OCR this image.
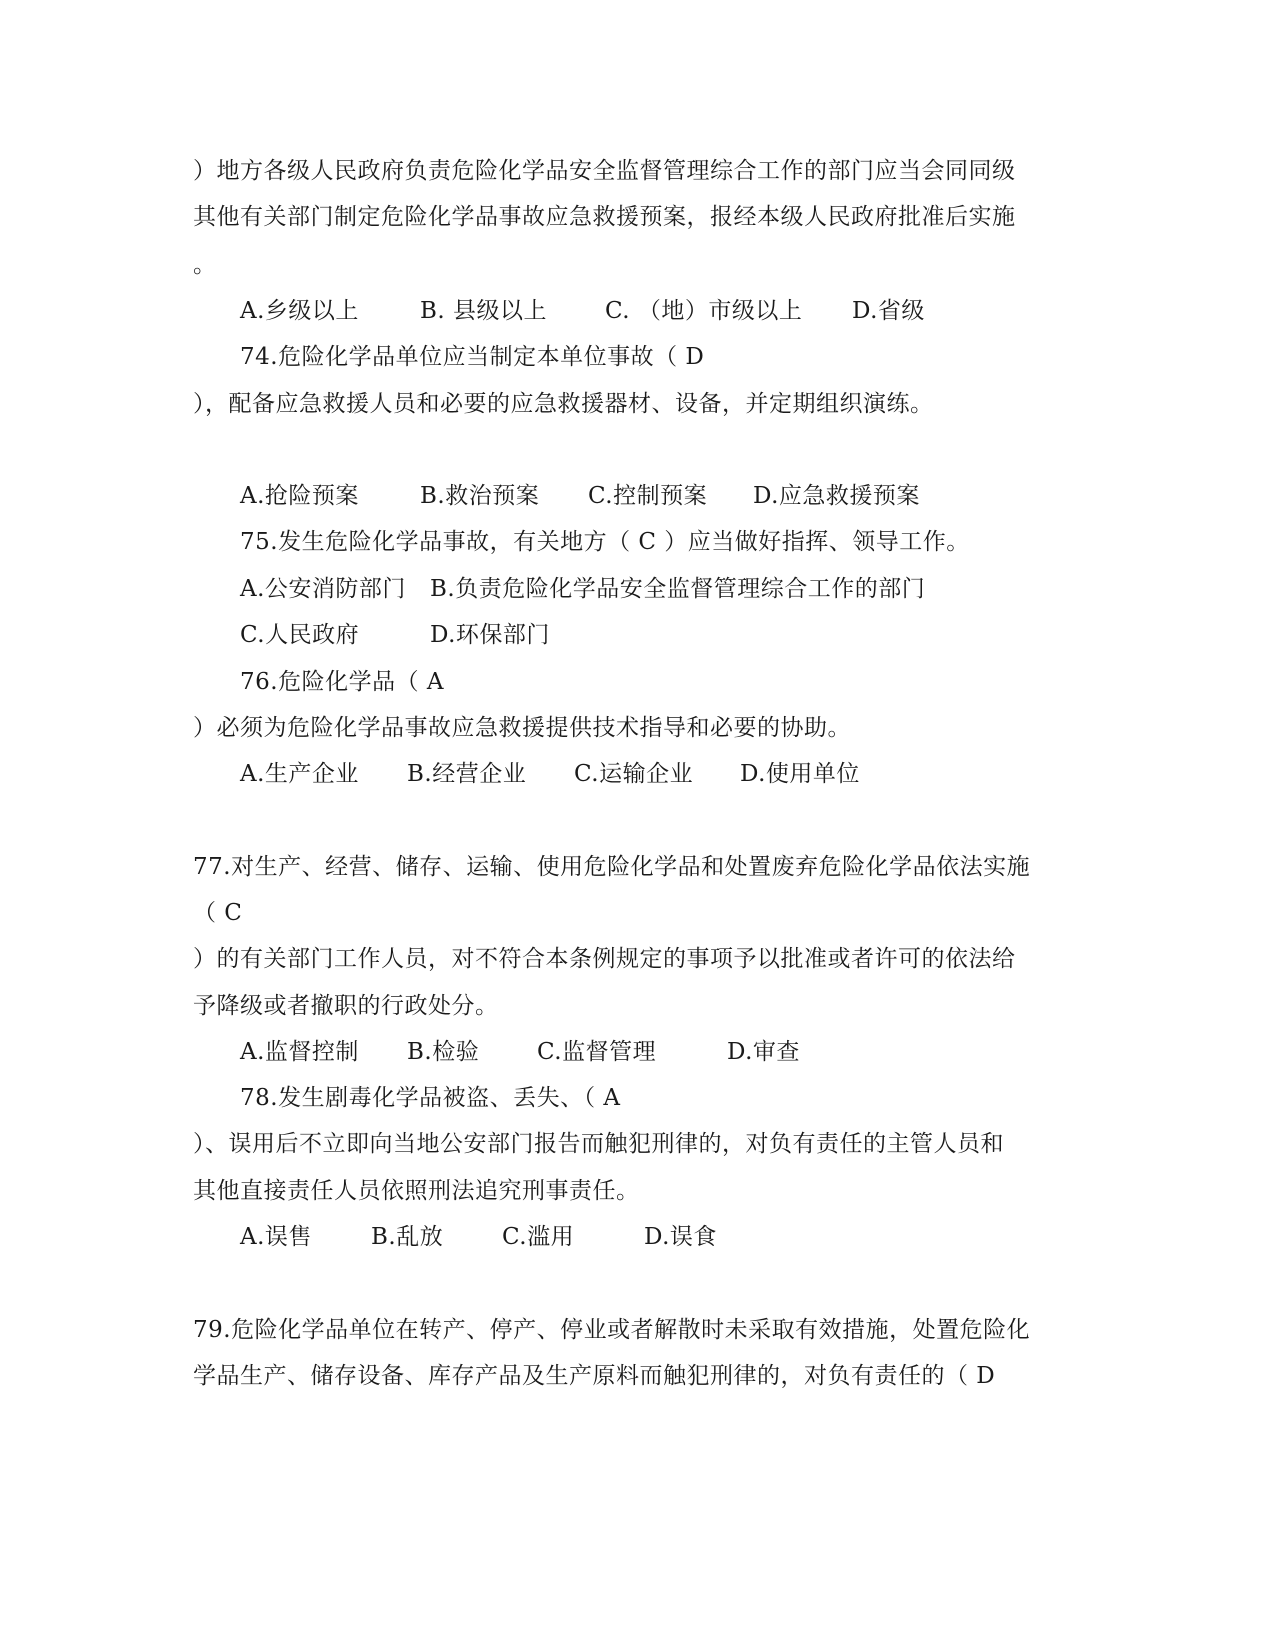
）地方各级人民政府负责危险化学品安全监督管理综合工作的部门应当会同同级
其他有关部门制定危险化学品事故应急救援预案，报经本级人民政府批准后实施
。
A.乡级以上	B. 县级以上	C. （地）市级以上 D.省级
74.危险化学品单位应当制定本单位事故（ D
），配备应急救援人员和必要的应急救援器材、设备，并定期组织演练。
A.抢险预案	B.救治预案 C.控制预案 D.应急救援预案
75.发生危险化学品事故，有关地方（ C ）应当做好指挥、领导工作。
A.公安消防部门 B.负责危险化学品安全监督管理综合工作的部门
C.人民政府	D.环保部门
76.危险化学品（ A
）必须为危险化学品事故应急救援提供技术指导和必要的协助。
A.生产企业 B.经营企业 C.运输企业 D.使用单位
77.对生产、经营、储存、运输、使用危险化学品和处置废弃危险化学品依法实施
（ C
）的有关部门工作人员，对不符合本条例规定的事项予以批准或者许可的依法给
予降级或者撤职的行政处分。
A.监督控制 B.检验	C.监督管理	D.审查
78.发生剧毒化学品被盗、丢失、（ A
）、误用后不立即向当地公安部门报告而触犯刑律的，对负有责任的主管人员和
其他直接责任人员依照刑法追究刑事责任。
A.误售	B.乱放	C.滥用	D.误食
79.危险化学品单位在转产、停产、停业或者解散时未采取有效措施，处置危险化
学品生产、储存设备、库存产品及生产原料而触犯刑律的，对负有责任的（ D
